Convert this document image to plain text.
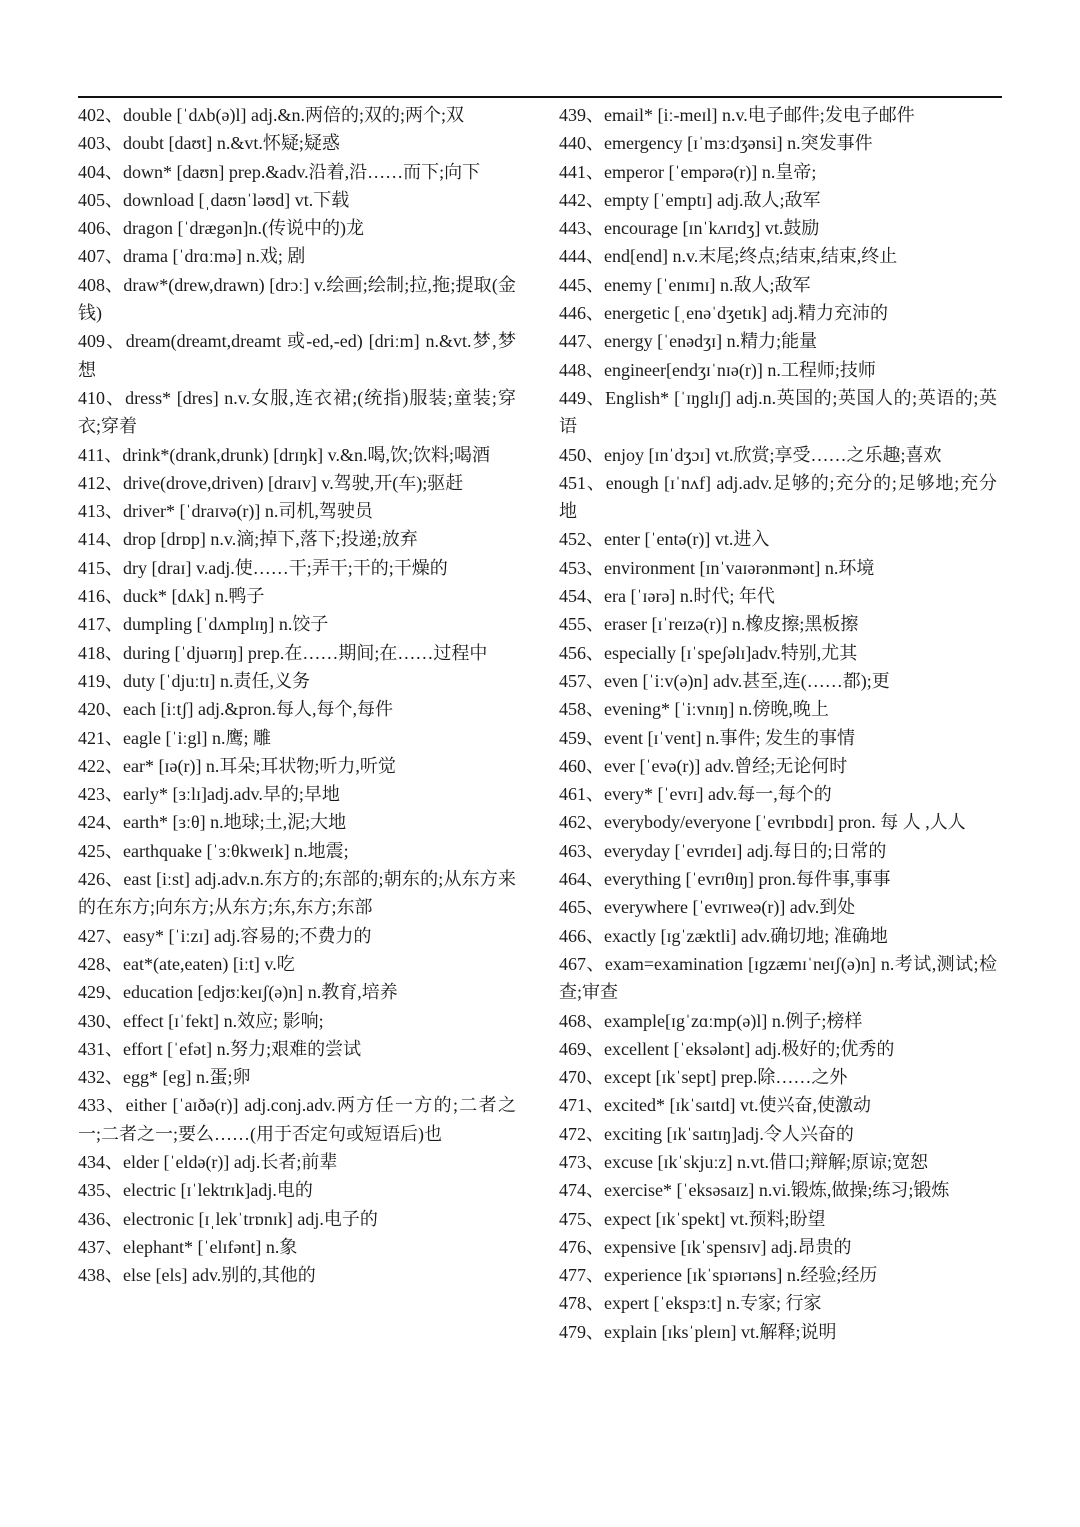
402、double [ˈdʌb(ə)l] adj.&n.两倍的;双的;两个;双

403、doubt [daʊt] n.&vt.怀疑;疑惑

404、down* [daʊn] prep.&adv.沿着,沿……而下;向下

405、download [ˌdaʊnˈləʊd] vt.下载

406、dragon [ˈdrægən]n.(传说中的)龙

407、drama [ˈdrɑːmə] n.戏; 剧

408、draw*(drew,drawn) [drɔː] v.绘画;绘制;拉,拖;提取(金钱)

409、dream(dreamt,dreamt 或-ed,-ed) [driːm] n.&vt.梦,梦想

410、dress* [dres] n.v.女服,连衣裙;(统指)服装;童装;穿衣;穿着

411、drink*(drank,drunk) [drɪŋk] v.&n.喝,饮;饮料;喝酒

412、drive(drove,driven) [draɪv] v.驾驶,开(车);驱赶

413、driver* [ˈdraɪvə(r)] n.司机,驾驶员

414、drop [drɒp] n.v.滴;掉下,落下;投递;放弃

415、dry [draɪ] v.adj.使……干;弄干;干的;干燥的

416、duck* [dʌk] n.鸭子

417、dumpling [ˈdʌmplɪŋ] n.饺子

418、during [ˈdjuərɪŋ] prep.在……期间;在……过程中

419、duty [ˈdjuːtɪ] n.责任,义务

420、each [iːtʃ] adj.&pron.每人,每个,每件

421、eagle [ˈiːgl] n.鹰; 雕

422、ear* [ɪə(r)] n.耳朵;耳状物;听力,听觉

423、early* [ɜːlɪ]adj.adv.早的;早地

424、earth* [ɜːθ] n.地球;土,泥;大地

425、earthquake [ˈɜːθkweɪk] n.地震;

426、east [iːst] adj.adv.n.东方的;东部的;朝东的;从东方来的在东方;向东方;从东方;东,东方;东部

427、easy* [ˈiːzɪ] adj.容易的;不费力的

428、eat*(ate,eaten) [iːt] v.吃

429、education [edjʊːkeɪʃ(ə)n] n.教育,培养

430、effect [ɪˈfekt] n.效应; 影响;

431、effort [ˈefət] n.努力;艰难的尝试

432、egg* [eg] n.蛋;卵

433、either [ˈaɪðə(r)] adj.conj.adv.两方任一方的;二者之一;二者之一;要么……(用于否定句或短语后)也

434、elder [ˈeldə(r)] adj.长者;前辈

435、electric [ɪˈlektrɪk]adj.电的

436、electronic [ɪˌlekˈtrɒnɪk] adj.电子的

437、elephant* [ˈelɪfənt] n.象

438、else [els] adv.别的,其他的

439、email* [iː-meɪl] n.v.电子邮件;发电子邮件

440、emergency [ɪˈmɜːdʒənsi] n.突发事件

441、emperor [ˈempərə(r)] n.皇帝;

442、empty [ˈemptɪ] adj.敌人;敌军

443、encourage [ɪnˈkʌrɪdʒ] vt.鼓励

444、end[end] n.v.末尾;终点;结束,结束,终止

445、enemy [ˈenɪmɪ] n.敌人;敌军

446、energetic [ˌenəˈdʒetɪk] adj.精力充沛的

447、energy [ˈenədʒɪ] n.精力;能量

448、engineer[endʒɪˈnɪə(r)] n.工程师;技师

449、English* [ˈɪŋglɪʃ] adj.n.英国的;英国人的;英语的;英语

450、enjoy [ɪnˈdʒɔɪ] vt.欣赏;享受……之乐趣;喜欢

451、enough [ɪˈnʌf] adj.adv.足够的;充分的;足够地;充分地

452、enter [ˈentə(r)] vt.进入

453、environment [ɪnˈvaɪərənmənt] n.环境

454、era [ˈɪərə] n.时代; 年代

455、eraser [ɪˈreɪzə(r)] n.橡皮擦;黑板擦

456、especially [ɪˈspeʃəlɪ]adv.特别,尤其

457、even [ˈiːv(ə)n] adv.甚至,连(……都);更

458、evening* [ˈiːvnɪŋ] n.傍晚,晚上

459、event [ɪˈvent] n.事件; 发生的事情

460、ever [ˈevə(r)] adv.曾经;无论何时

461、every* [ˈevrɪ] adv.每一,每个的

462、everybody/everyone [ˈevrɪbɒdɪ] pron. 每 人 ,人人

463、everyday [ˈevrɪdeɪ] adj.每日的;日常的

464、everything [ˈevrɪθɪŋ] pron.每件事,事事

465、everywhere [ˈevrɪweə(r)] adv.到处

466、exactly [ɪgˈzæktli] adv.确切地; 准确地

467、exam=examination [ɪgzæmɪˈneɪʃ(ə)n] n.考试,测试;检查;审查

468、example[ɪgˈzɑːmp(ə)l] n.例子;榜样

469、excellent [ˈeksələnt] adj.极好的;优秀的

470、except [ɪkˈsept] prep.除……之外

471、excited* [ɪkˈsaɪtd] vt.使兴奋,使激动

472、exciting [ɪkˈsaɪtɪŋ]adj.令人兴奋的

473、excuse [ɪkˈskjuːz] n.vt.借口;辩解;原谅;宽恕

474、exercise* [ˈeksəsaɪz] n.vi.锻炼,做操;练习;锻炼

475、expect [ɪkˈspekt] vt.预料;盼望

476、expensive [ɪkˈspensɪv] adj.昂贵的

477、experience [ɪkˈspɪərɪəns] n.经验;经历

478、expert [ˈekspɜːt] n.专家; 行家

479、explain [ɪksˈpleɪn] vt.解释;说明
